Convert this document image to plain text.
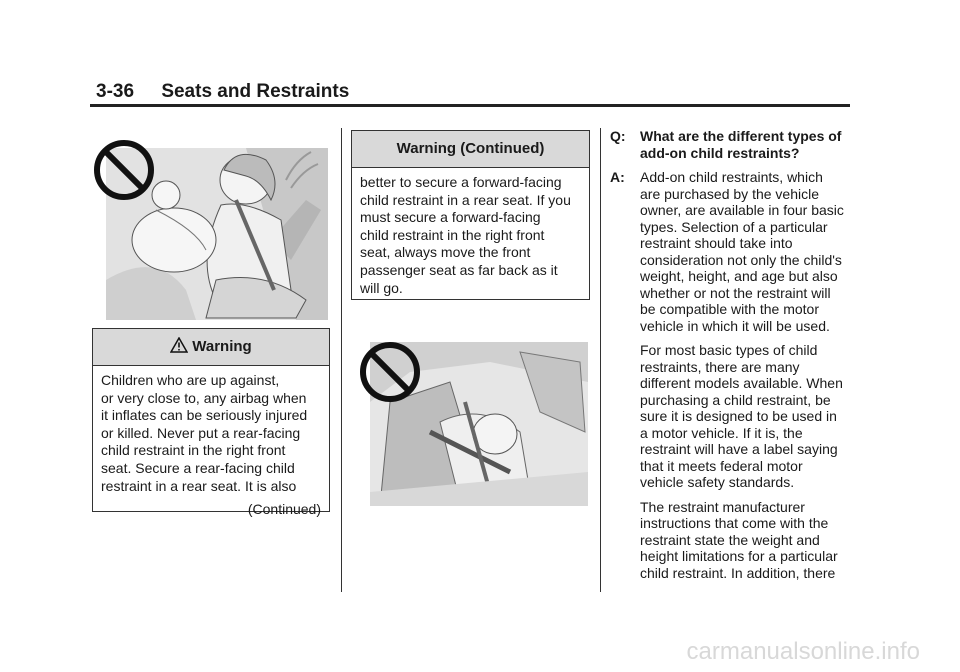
3-36 Seats and Restraints
Warning
Children who are up against,
or very close to, any airbag when
it inflates can be seriously injured
or killed. Never put a rear-facing
child restraint in the right front
seat. Secure a rear-facing child
restraint in a rear seat. It is also
(Continued)
Warning (Continued)
better to secure a forward-facing
child restraint in a rear seat. If you
must secure a forward-facing
child restraint in the right front
seat, always move the front
passenger seat as far back as it
will go.
Q:	What are the different types of
add-on child restraints?
A:	Add-on child restraints, which
are purchased by the vehicle
owner, are available in four basic
types. Selection of a particular
restraint should take into
consideration not only the child's
weight, height, and age but also
whether or not the restraint will
be compatible with the motor
vehicle in which it will be used.
For most basic types of child
restraints, there are many
different models available. When
purchasing a child restraint, be
sure it is designed to be used in
a motor vehicle. If it is, the
restraint will have a label saying
that it meets federal motor
vehicle safety standards.
The restraint manufacturer
instructions that come with the
restraint state the weight and
height limitations for a particular
child restraint. In addition, there
carmanualsonline.info
